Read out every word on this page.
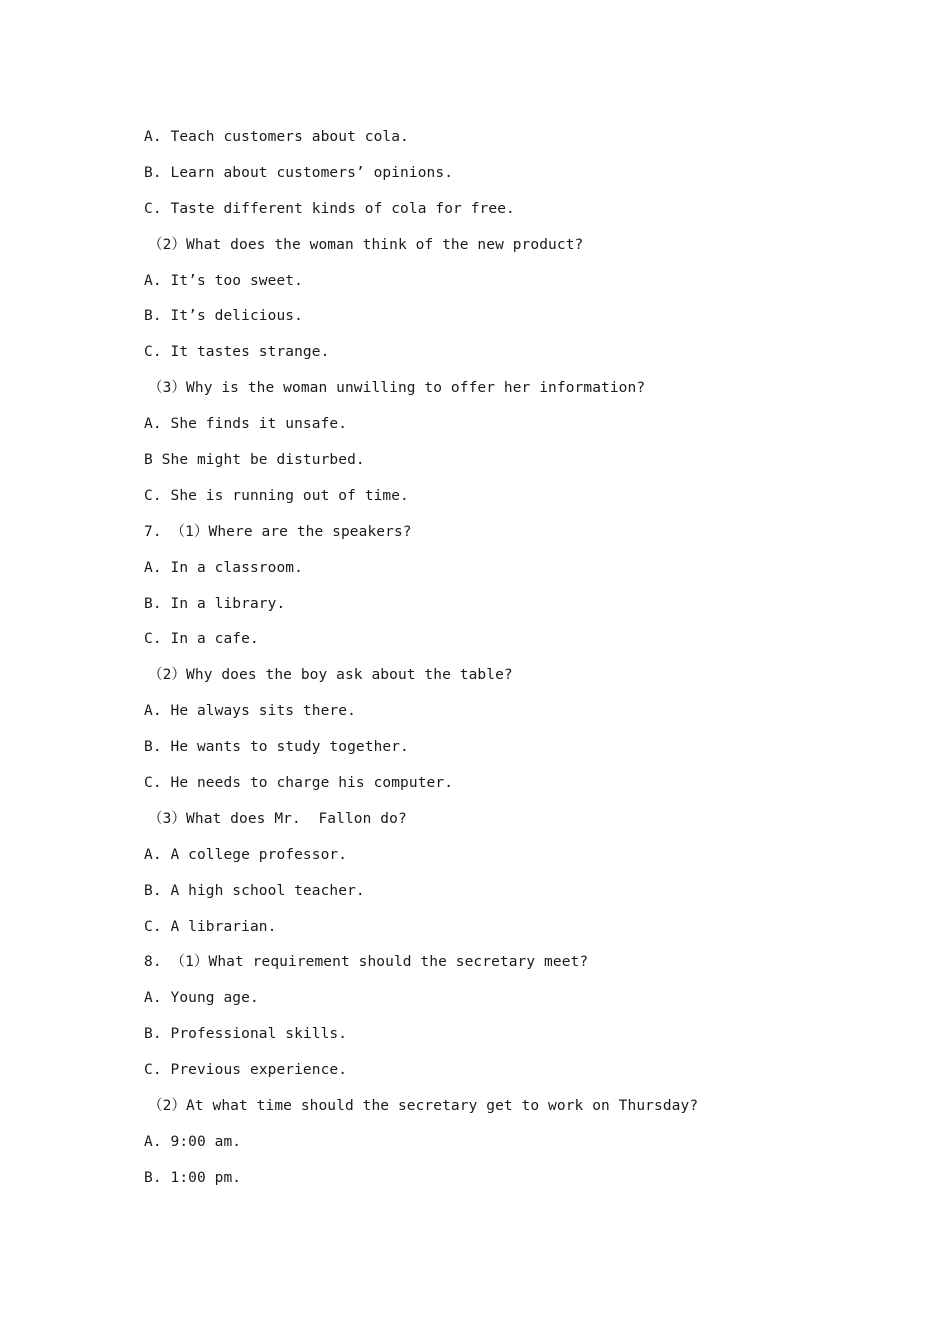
A. Teach customers about cola.
B. Learn about customers’ opinions.
C. Taste different kinds of cola for free.
（2）What does the woman think of the new product?
A. It’s too sweet.
B. It’s delicious.
C. It tastes strange.
（3）Why is the woman unwilling to offer her information?
A. She finds it unsafe.
B She might be disturbed.
C. She is running out of time.
7. （1）Where are the speakers?
A. In a classroom.
B. In a library.
C. In a cafe.
（2）Why does the boy ask about the table?
A. He always sits there.
B. He wants to study together.
C. He needs to charge his computer.
（3）What does Mr.  Fallon do?
A. A college professor.
B. A high school teacher.
C. A librarian.
8. （1）What requirement should the secretary meet?
A. Young age.
B. Professional skills.
C. Previous experience.
（2）At what time should the secretary get to work on Thursday?
A. 9:00 am.
B. 1:00 pm.
